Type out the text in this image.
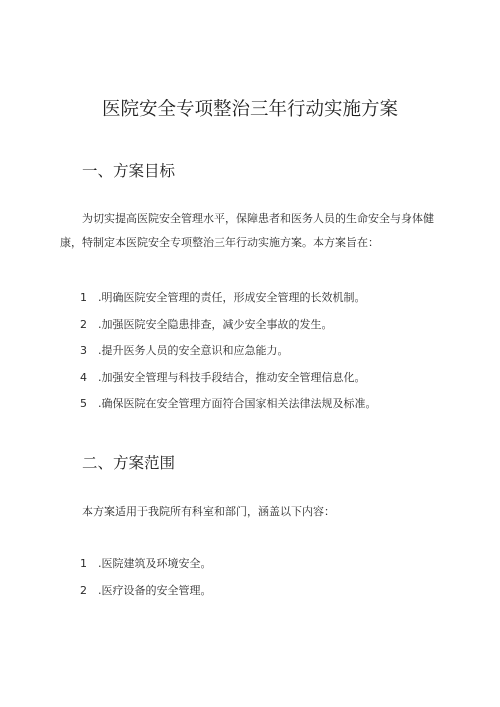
医院安全专项整治三年行动实施方案
一、方案目标

为切实提高医院安全管理水平，保障患者和医务人员的生命安全与身体健康，特制定本医院安全专项整治三年行动实施方案。本方案旨在：

1 .明确医院安全管理的责任，形成安全管理的长效机制。
2 .加强医院安全隐患排查，减少安全事故的发生。
3 .提升医务人员的安全意识和应急能力。
4 .加强安全管理与科技手段结合，推动安全管理信息化。
5 .确保医院在安全管理方面符合国家相关法律法规及标准。
二、方案范围

本方案适用于我院所有科室和部门，涵盖以下内容：

1 .医院建筑及环境安全。
2 .医疗设备的安全管理。
